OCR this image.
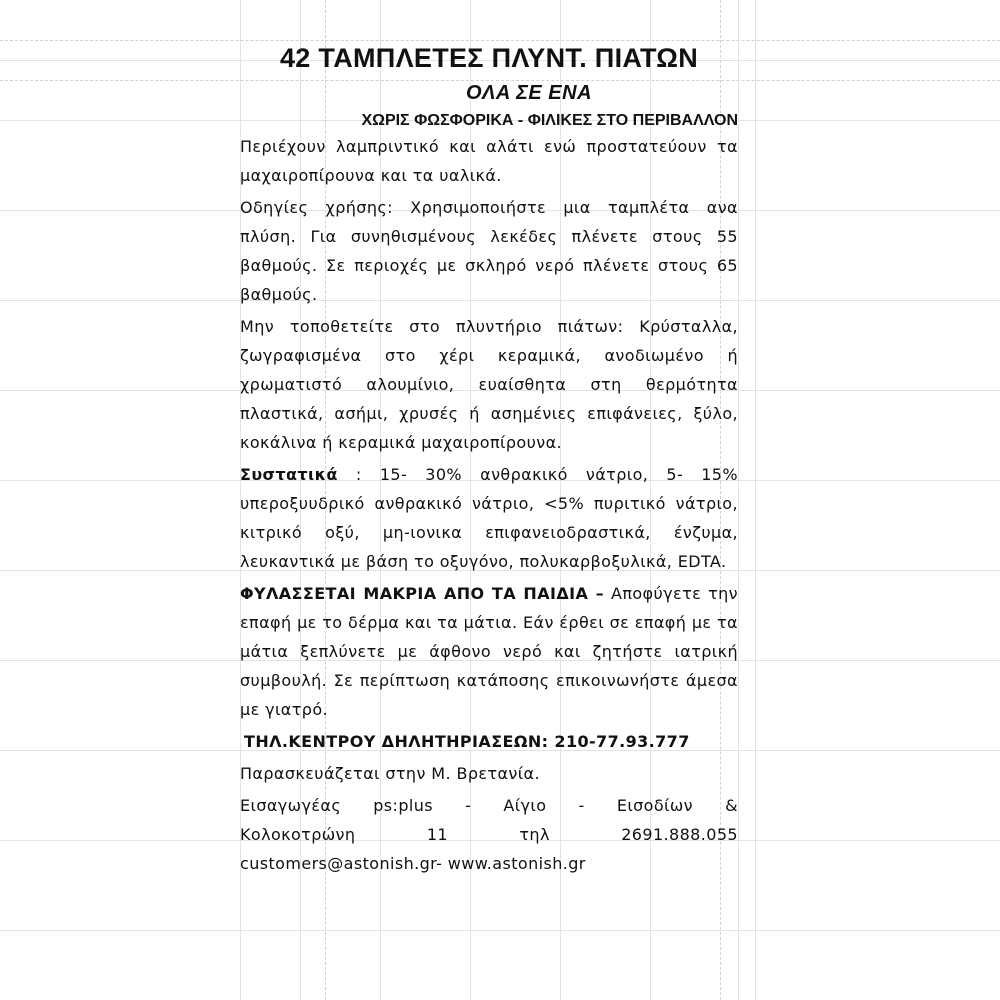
42 ΤΑΜΠΛΕΤΕΣ ΠΛΥΝΤ. ΠΙΑΤΩΝ

ΟΛΑ ΣΕ ΕΝΑ

ΧΩΡΙΣ ΦΩΣΦΟΡΙΚΑ - ΦΙΛΙΚΕΣ ΣΤΟ ΠΕΡΙΒΑΛΛΟΝ

Περιέχουν λαμπριντικό και αλάτι ενώ προστατεύουν τα μαχαιροπίρουνα και τα υαλικά.

Οδηγίες χρήσης: Χρησιμοποιήστε μια ταμπλέτα ανα πλύση. Για συνηθισμένους λεκέδες πλένετε στους 55 βαθμούς. Σε περιοχές με σκληρό νερό πλένετε στους 65 βαθμούς.

Μην τοποθετείτε στο πλυντήριο πιάτων: Κρύσταλλα, ζωγραφισμένα στο χέρι κεραμικά, ανοδιωμένο ή χρωματιστό αλουμίνιο, ευαίσθητα στη θερμότητα πλαστικά, ασήμι, χρυσές ή ασημένιες επιφάνειες, ξύλο, κοκάλινα ή κεραμικά μαχαιροπίρουνα.

Συστατικά : 15- 30% ανθρακικό νάτριο, 5- 15% υπεροξυυδρικό ανθρακικό νάτριο, <5% πυριτικό νάτριο, κιτρικό οξύ, μη-ιονικα επιφανειοδραστικά, ένζυμα, λευκαντικά με βάση το οξυγόνο, πολυκαρβοξυλικά, EDTA.

ΦΥΛΑΣΣΕΤΑΙ ΜΑΚΡΙΑ ΑΠΟ ΤΑ ΠΑΙΔΙΑ – Αποφύγετε την επαφή με το δέρμα και τα μάτια. Εάν έρθει σε επαφή με τα μάτια ξεπλύνετε με άφθονο νερό και ζητήστε ιατρική συμβουλή. Σε περίπτωση κατάποσης επικοινωνήστε άμεσα με γιατρό.

ΤΗΛ.ΚΕΝΤΡΟΥ ΔΗΛΗΤΗΡΙΑΣΕΩΝ: 210-77.93.777

Παρασκευάζεται στην Μ. Βρετανία.

Εισαγωγέας ps:plus - Αίγιο - Εισοδίων &

Κολοκοτρώνη 11 τηλ 2691.888.055

customers@astonish.gr- www.astonish.gr
